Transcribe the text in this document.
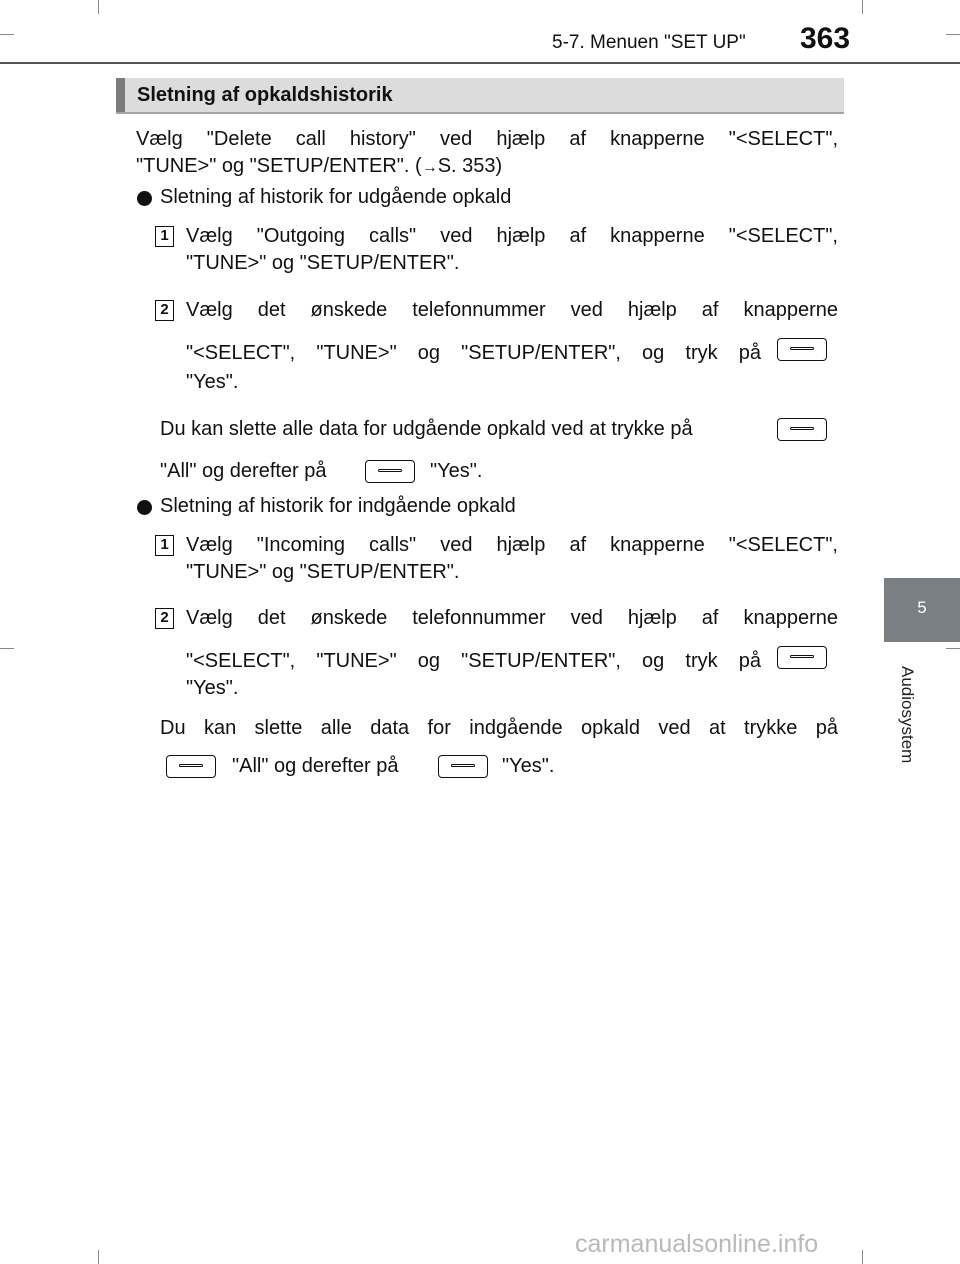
5-7. Menuen "SET UP" 363
5
Audiosystem
Sletning af opkaldshistorik
Vælg "Delete call history" ved hjælp af knapperne "<SELECT",
"TUNE>" og "SETUP/ENTER". (→S. 353)
Sletning af historik for udgående opkald
1 Vælg "Outgoing calls" ved hjælp af knapperne "<SELECT",
"TUNE>" og "SETUP/ENTER".
2 Vælg det ønskede telefonnummer ved hjælp af knapperne
"<SELECT", "TUNE>" og "SETUP/ENTER", og tryk på
"Yes".
Du kan slette alle data for udgående opkald ved at trykke på
"All" og derefter på	"Yes".
Sletning af historik for indgående opkald
1 Vælg "Incoming calls" ved hjælp af knapperne "<SELECT",
"TUNE>" og "SETUP/ENTER".
2 Vælg det ønskede telefonnummer ved hjælp af knapperne
"<SELECT", "TUNE>" og "SETUP/ENTER", og tryk på
"Yes".
Du kan slette alle data for indgående opkald ved at trykke på
"All" og derefter på	"Yes".
carmanualsonline.info
